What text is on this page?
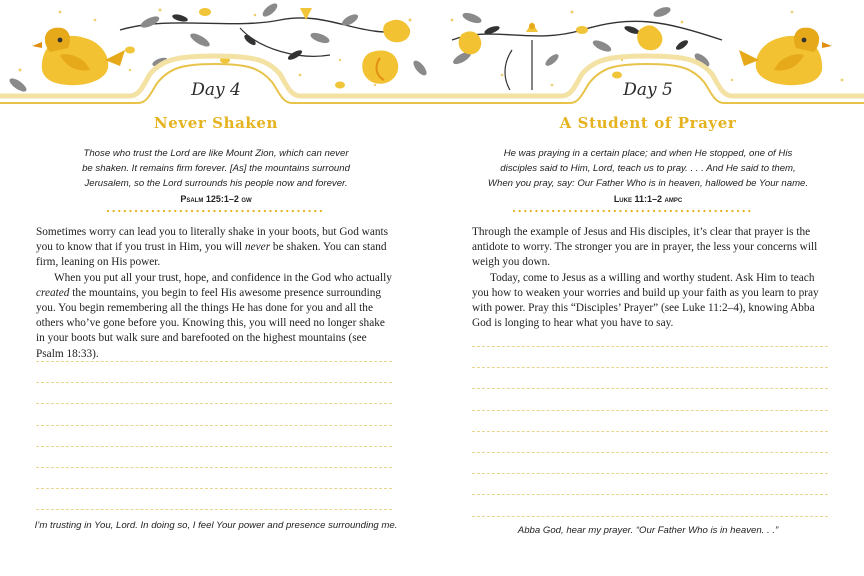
Day 4
Never Shaken
Those who trust the Lord are like Mount Zion, which can never
be shaken. It remains firm forever. [As] the mountains surround
Jerusalem, so the Lord surrounds his people now and forever.
Psalm 125:1–2 gw

Sometimes worry can lead you to literally shake in your boots, but God wants you to know that if you trust in Him, you will never be shaken. You can stand firm, leaning on His power.

When you put all your trust, hope, and confidence in the God who actually created the mountains, you begin to feel His awesome presence surrounding you. You begin remembering all the things He has done for you and all the others who’ve gone before you. Knowing this, you will need no longer shake in your boots but walk sure and barefooted on the highest mountains (see Psalm 18:33).

I’m trusting in You, Lord. In doing so, I feel Your power and presence surrounding me.
Day 5
A Student of Prayer
He was praying in a certain place; and when He stopped, one of His
disciples said to Him, Lord, teach us to pray. . . . And He said to them,
When you pray, say: Our Father Who is in heaven, hallowed be Your name.
Luke 11:1–2 ampc

Through the example of Jesus and His disciples, it’s clear that prayer is the antidote to worry. The stronger you are in prayer, the less your concerns will weigh you down.

Today, come to Jesus as a willing and worthy student. Ask Him to teach you how to weaken your worries and build up your faith as you learn to pray with power. Pray this “Disciples’ Prayer” (see Luke 11:2–4), knowing Abba God is longing to hear what you have to say.

Abba God, hear my prayer. “Our Father Who is in heaven. . .”
